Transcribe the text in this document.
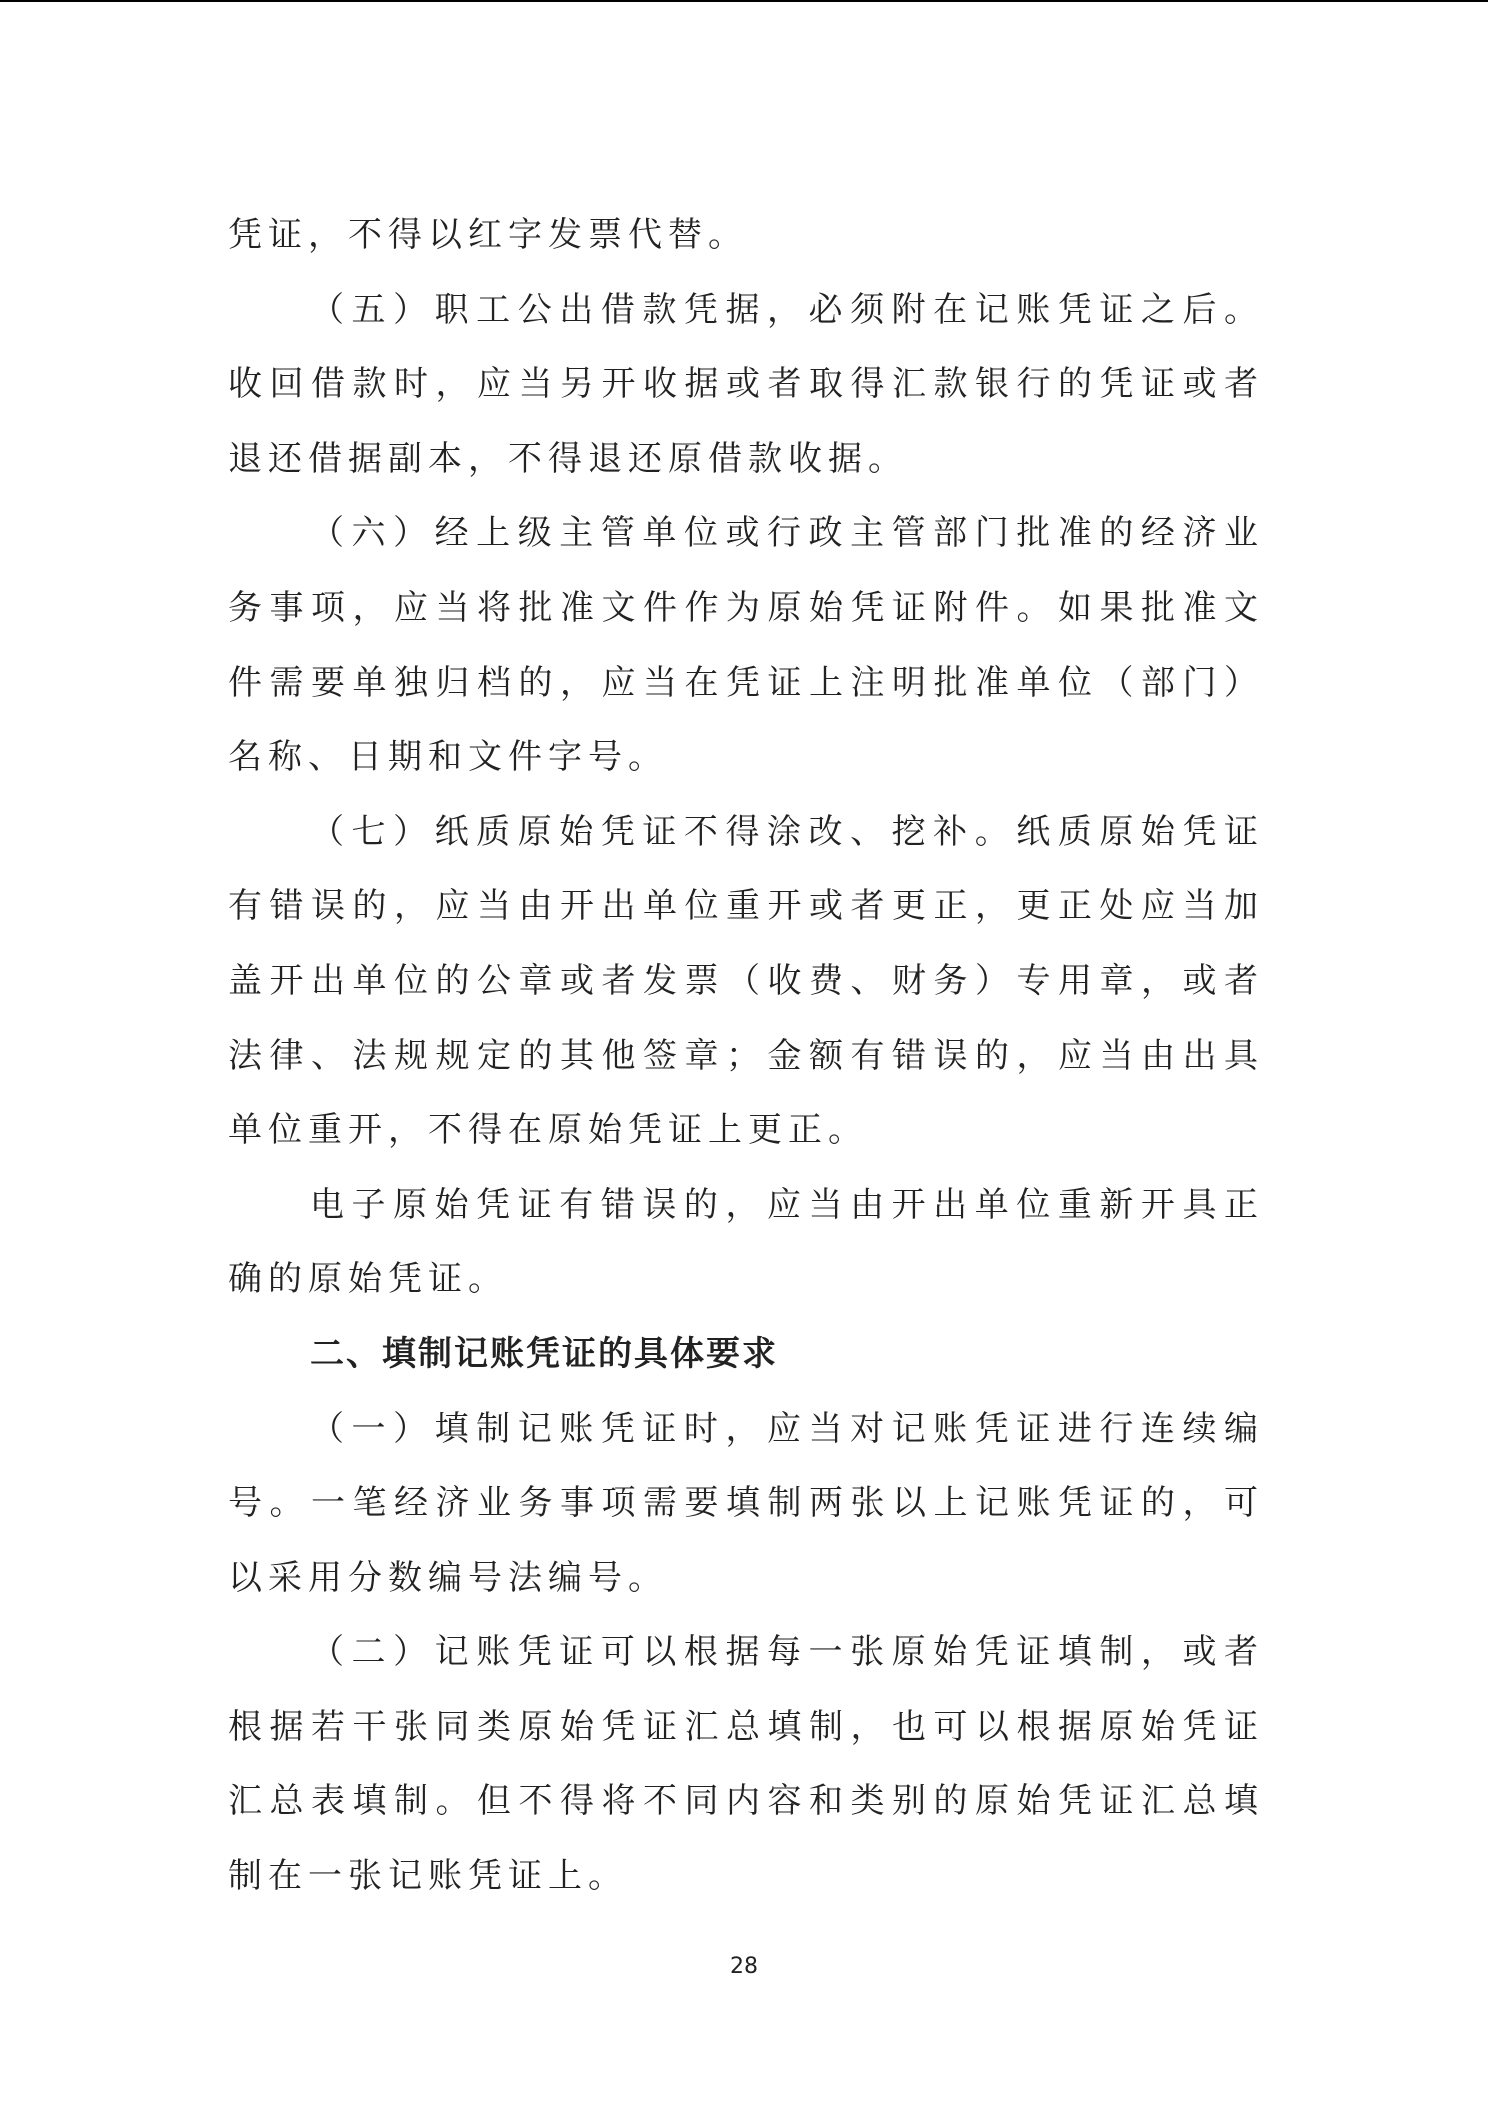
凭证，不得以红字发票代替。

（五）职工公出借款凭据，必须附在记账凭证之后。收回借款时，应当另开收据或者取得汇款银行的凭证或者退还借据副本，不得退还原借款收据。

（六）经上级主管单位或行政主管部门批准的经济业务事项，应当将批准文件作为原始凭证附件。如果批准文件需要单独归档的，应当在凭证上注明批准单位（部门）名称、日期和文件字号。

（七）纸质原始凭证不得涂改、挖补。纸质原始凭证有错误的，应当由开出单位重开或者更正，更正处应当加盖开出单位的公章或者发票（收费、财务）专用章，或者法律、法规规定的其他签章；金额有错误的，应当由出具单位重开，不得在原始凭证上更正。

电子原始凭证有错误的，应当由开出单位重新开具正确的原始凭证。

二、填制记账凭证的具体要求

（一）填制记账凭证时，应当对记账凭证进行连续编号。一笔经济业务事项需要填制两张以上记账凭证的，可以采用分数编号法编号。

（二）记账凭证可以根据每一张原始凭证填制，或者根据若干张同类原始凭证汇总填制，也可以根据原始凭证汇总表填制。但不得将不同内容和类别的原始凭证汇总填制在一张记账凭证上。

28
